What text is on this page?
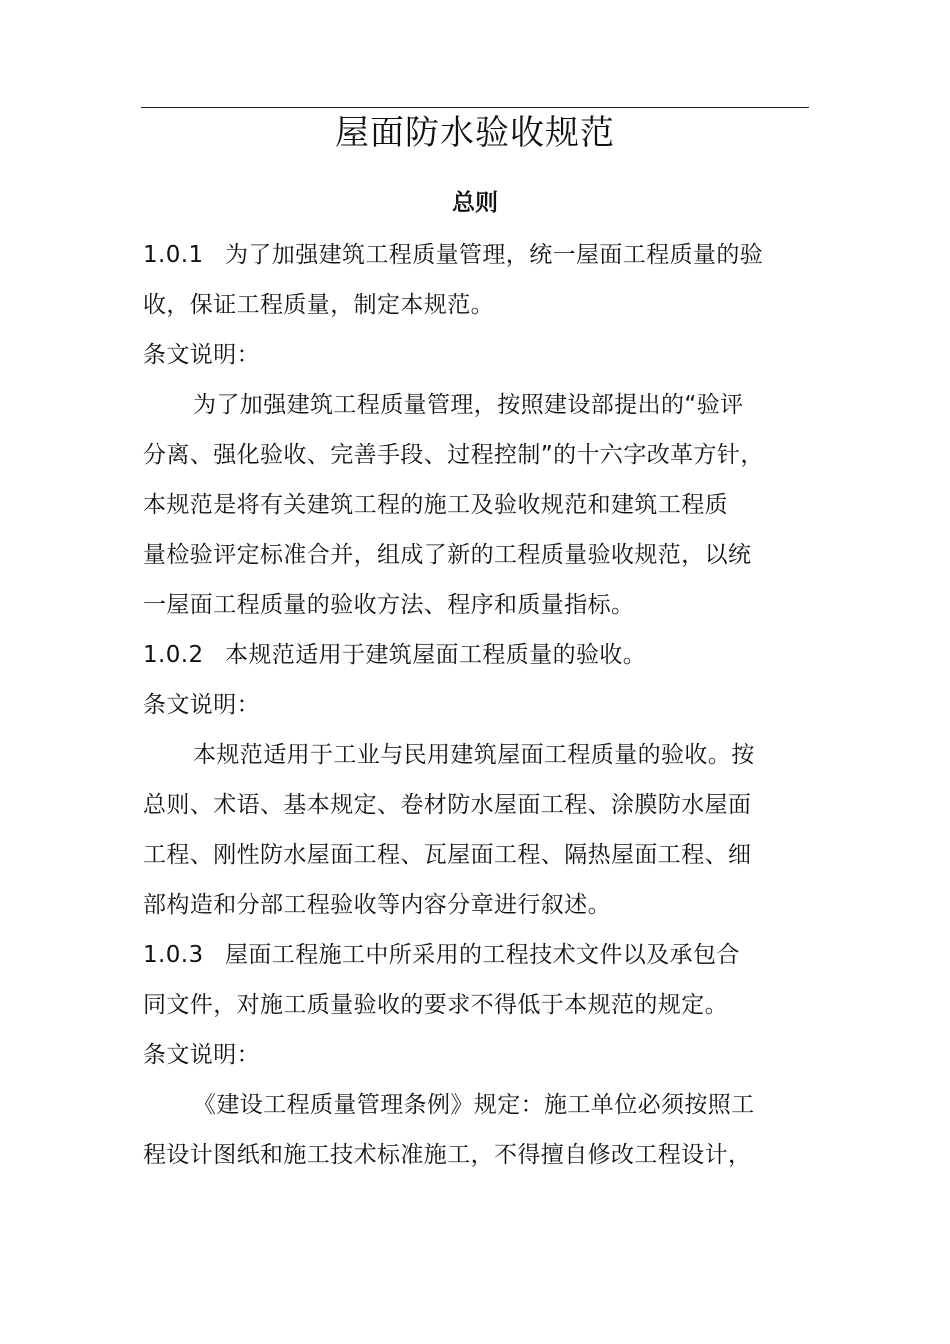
屋面防水验收规范
总则
1.0.1 为了加强建筑工程质量管理，统一屋面工程质量的验
收，保证工程质量，制定本规范。
条文说明：
为了加强建筑工程质量管理，按照建设部提出的“验评
分离、强化验收、完善手段、过程控制”的十六字改革方针，
本规范是将有关建筑工程的施工及验收规范和建筑工程质
量检验评定标准合并，组成了新的工程质量验收规范，以统
一屋面工程质量的验收方法、程序和质量指标。
1.0.2 本规范适用于建筑屋面工程质量的验收。
条文说明：
本规范适用于工业与民用建筑屋面工程质量的验收。按
总则、术语、基本规定、卷材防水屋面工程、涂膜防水屋面
工程、刚性防水屋面工程、瓦屋面工程、隔热屋面工程、细
部构造和分部工程验收等内容分章进行叙述。
1.0.3 屋面工程施工中所采用的工程技术文件以及承包合
同文件，对施工质量验收的要求不得低于本规范的规定。
条文说明：
《建设工程质量管理条例》规定：施工单位必须按照工
程设计图纸和施工技术标准施工，不得擅自修改工程设计，
